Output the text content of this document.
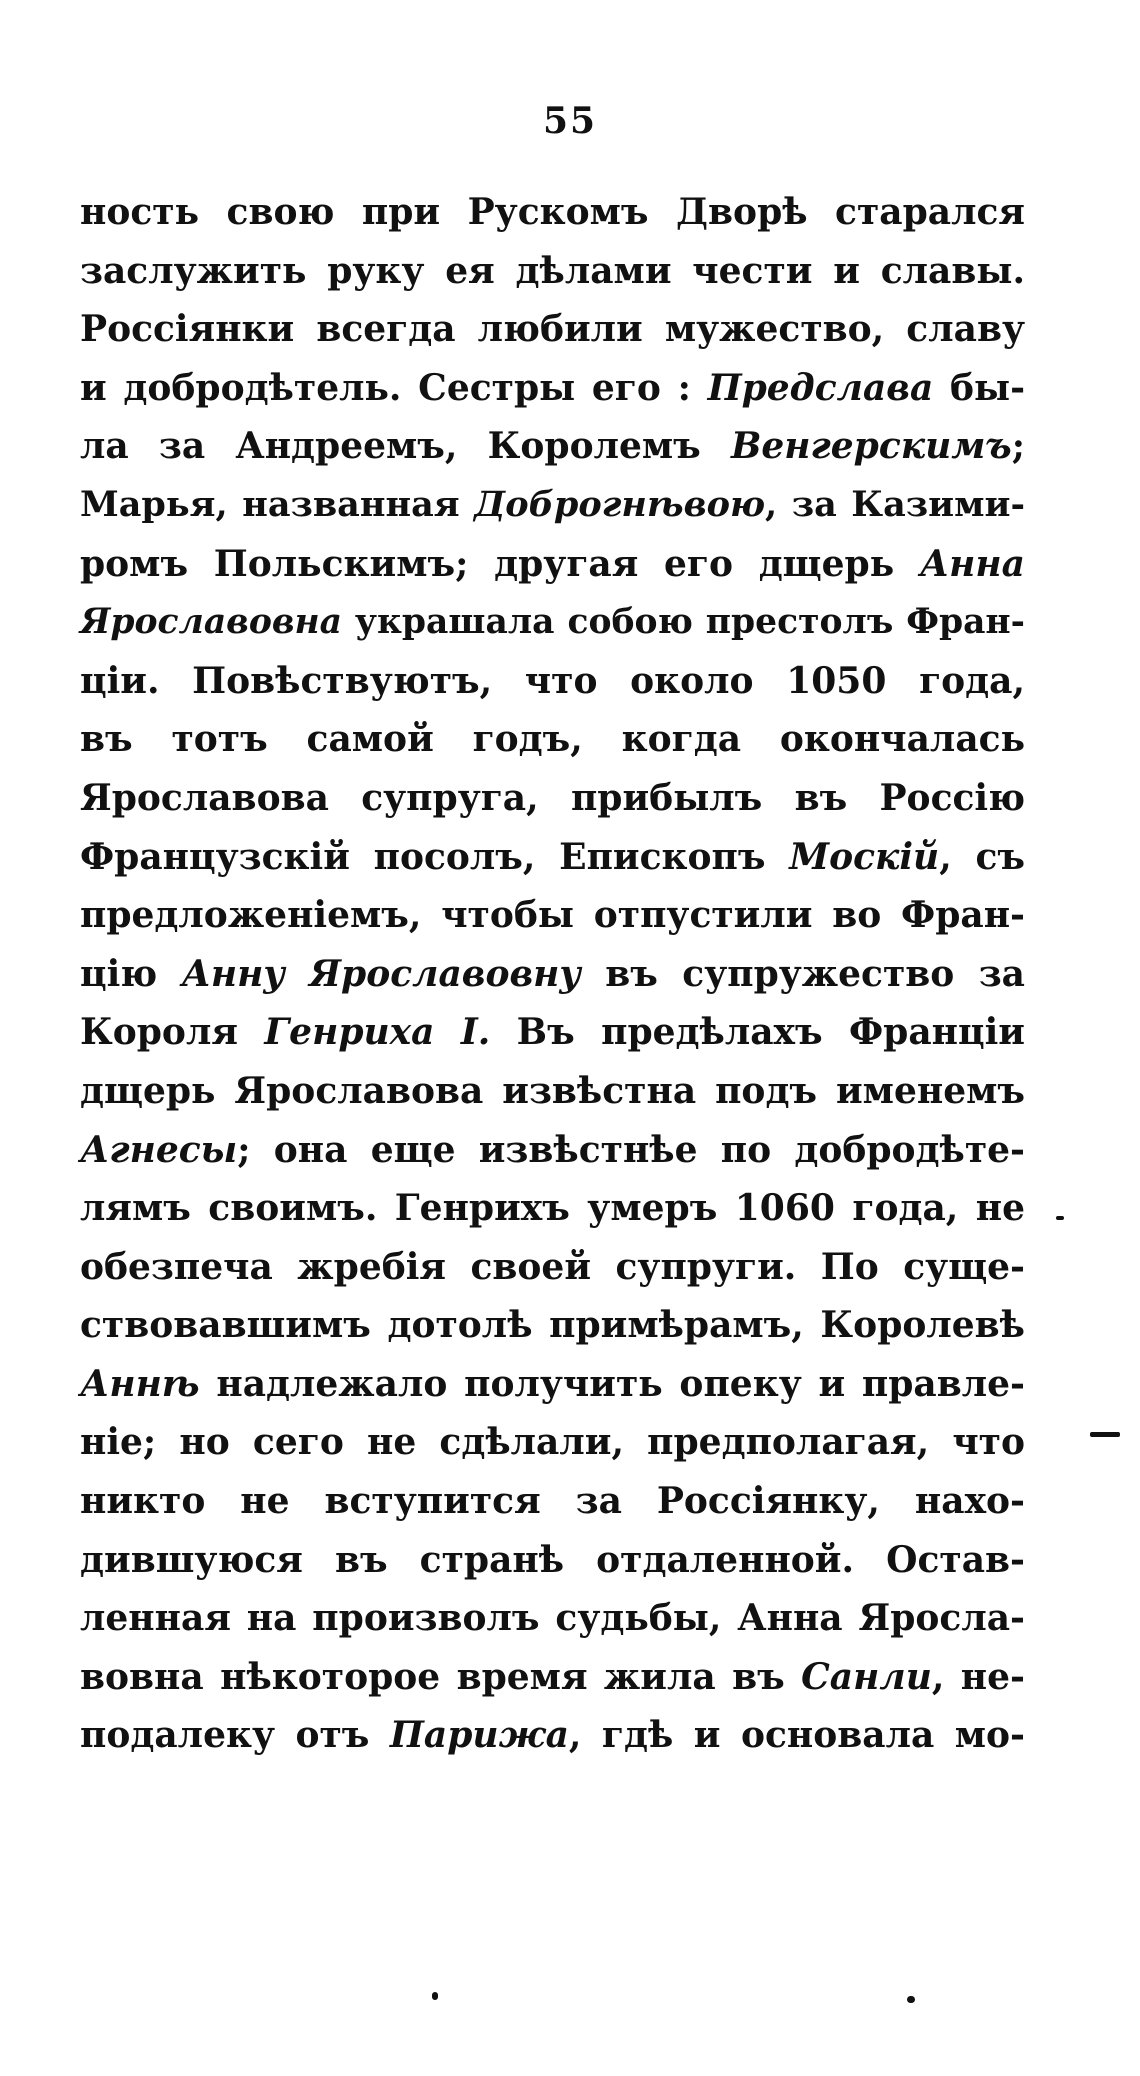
55
ность свою при Рускомъ Дворѣ старался
заслужить руку ея дѣлами чести и славы.
Россіянки всегда любили мужество, славу
и добродѣтель. Сестры его : Предслава бы-
ла за Андреемъ, Королемъ Венгерскимъ;
Марья, названная Доброгнѣвою, за Казими-
ромъ Польскимъ; другая его дщерь Анна
Ярославовна украшала собою престолъ Фран-
ціи. Повѣствуютъ, что около 1050 года,
въ тотъ самой годъ, когда окончалась
Ярославова супруга, прибылъ въ Россію
Французскій посолъ, Епископъ Москій, съ
предложеніемъ, чтобы отпустили во Фран-
цію Анну Ярославовну въ супружество за
Короля Генриха I. Въ предѣлахъ Франціи
дщерь Ярославова извѣстна подъ именемъ
Агнесы; она еще извѣстнѣе по добродѣте-
лямъ своимъ. Генрихъ умеръ 1060 года, не
обезпеча жребія своей супруги. По суще-
ствовавшимъ дотолѣ примѣрамъ, Королевѣ
Аннѣ надлежало получить опеку и правле-
ніе; но сего не сдѣлали, предполагая, что
никто не вступится за Россіянку, нахо-
дившуюся въ странѣ отдаленной. Остав-
ленная на произволъ судьбы, Анна Яросла-
вовна нѣкоторое время жила въ Санли, не-
подалеку отъ Парижа, гдѣ и основала мо-
